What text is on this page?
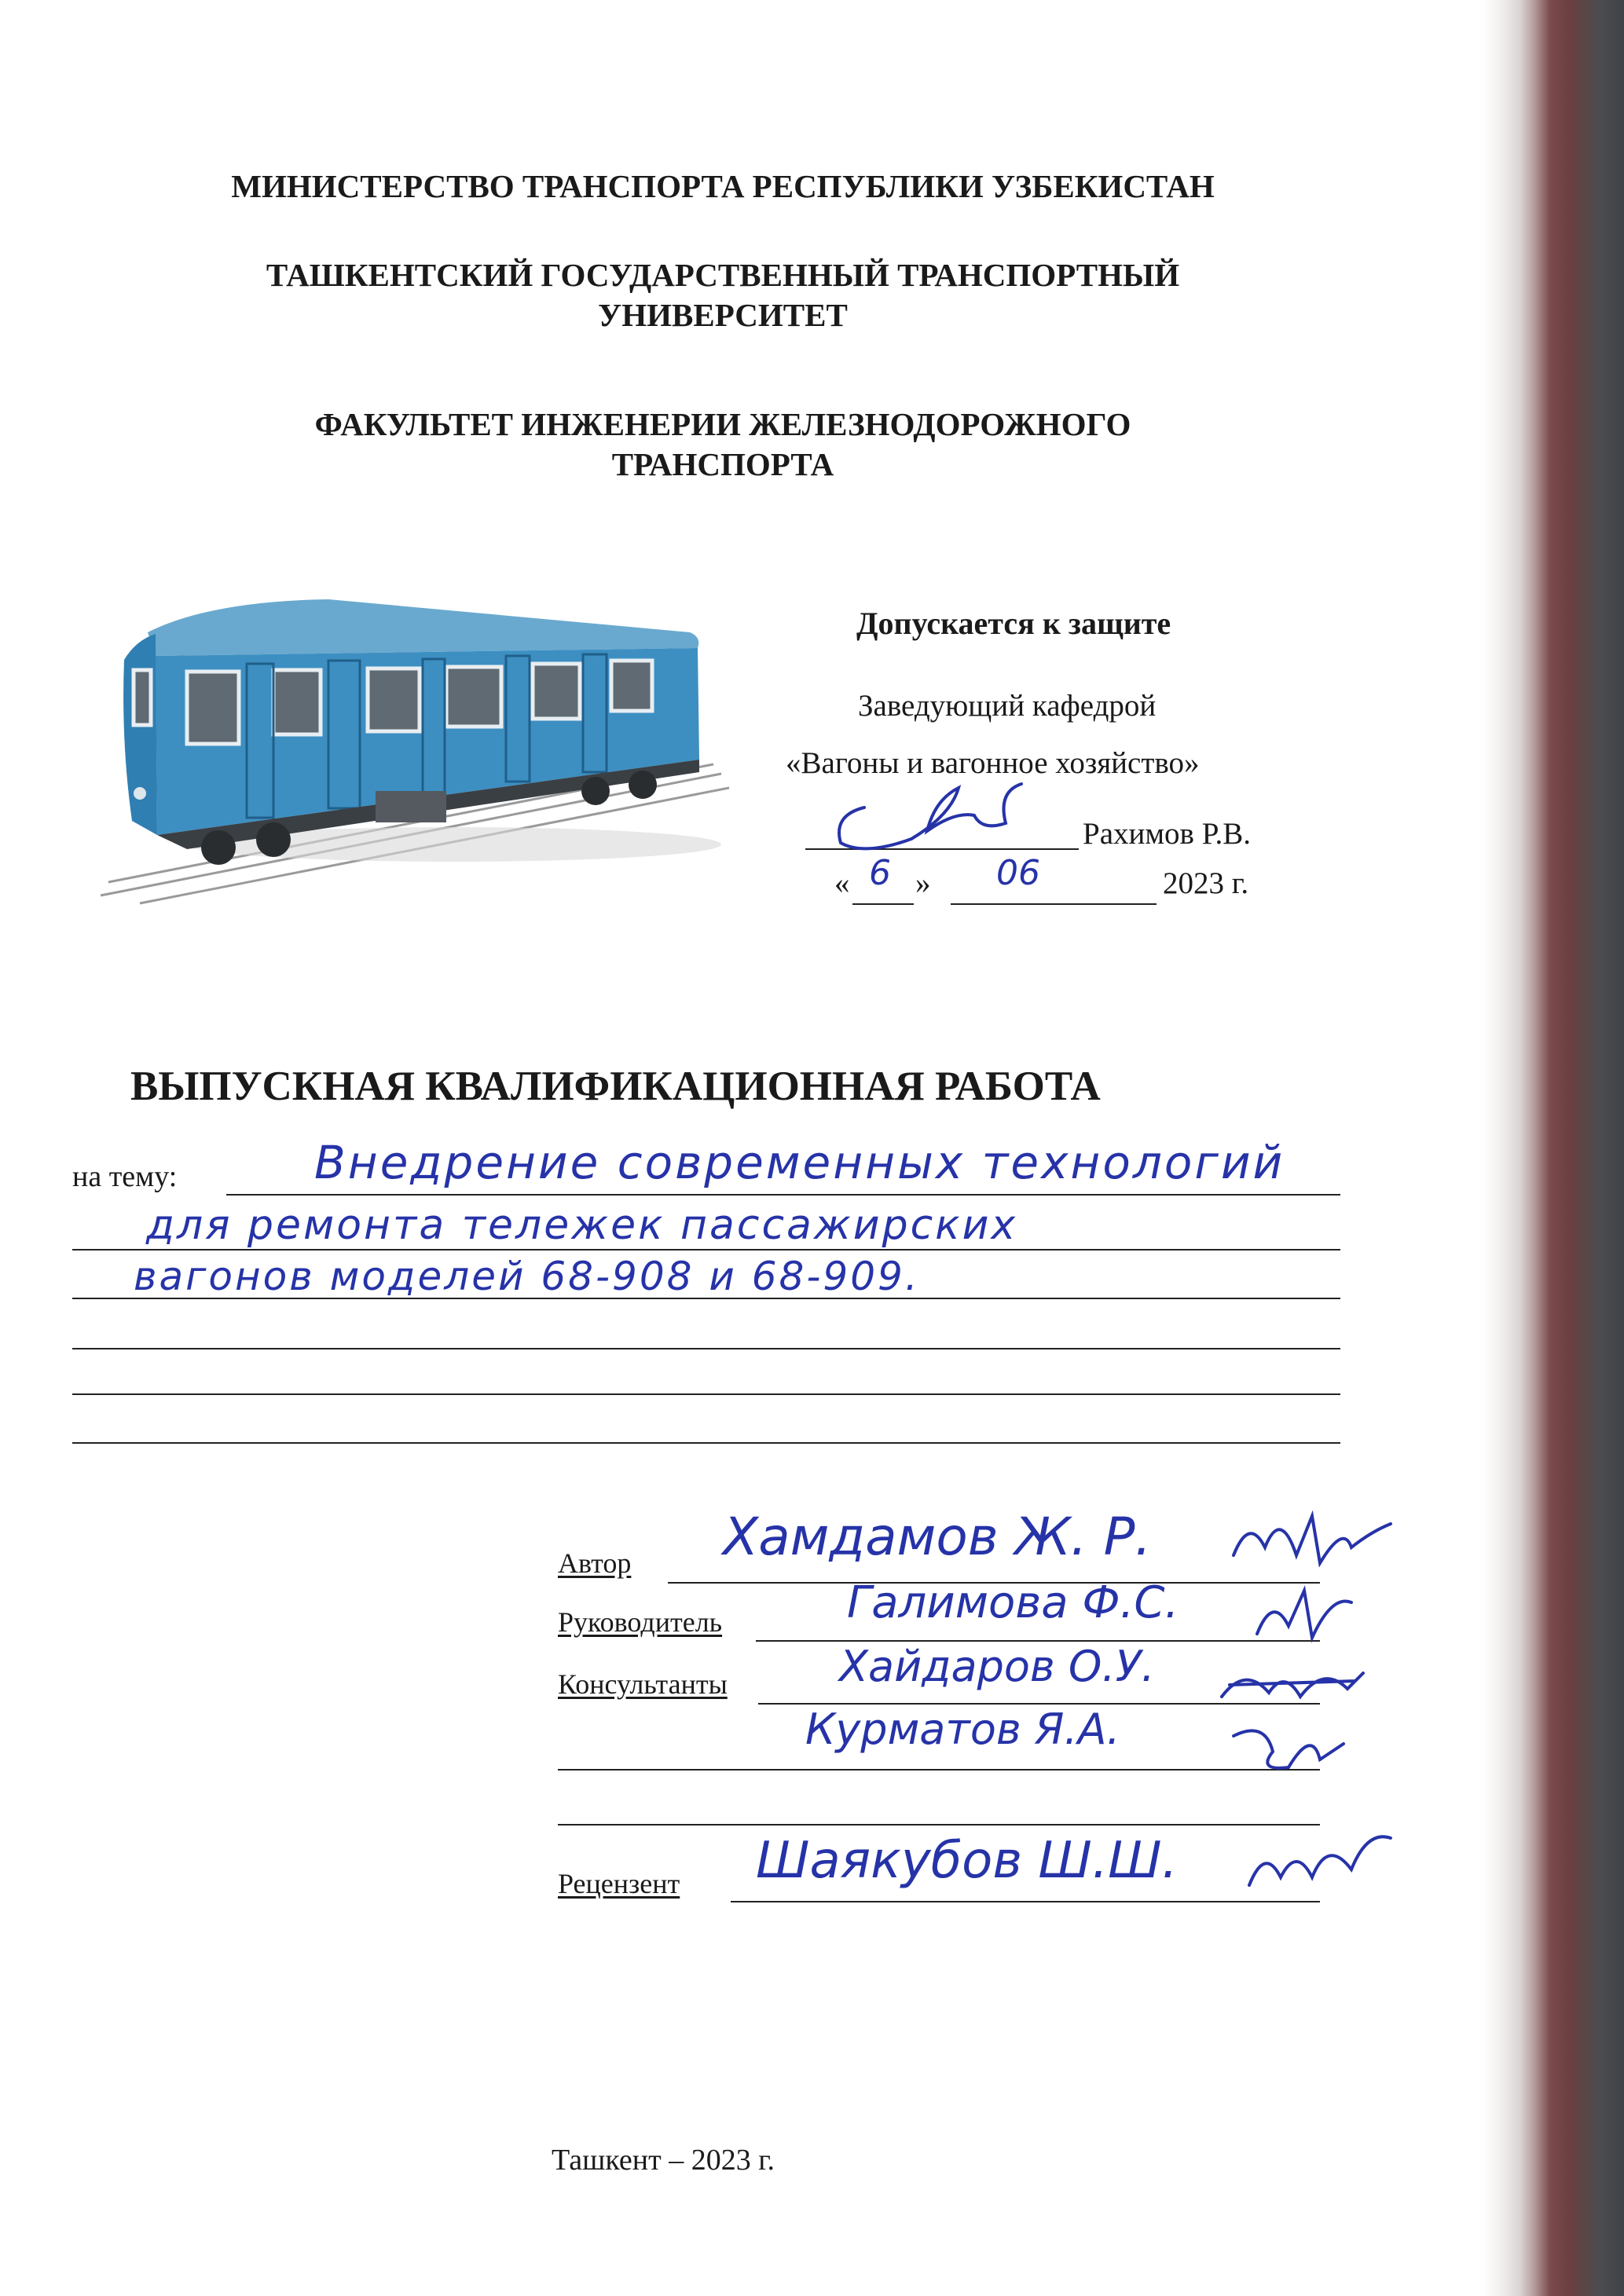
МИНИСТЕРСТВО ТРАНСПОРТА РЕСПУБЛИКИ УЗБЕКИСТАН
ТАШКЕНТСКИЙ ГОСУДАРСТВЕННЫЙ ТРАНСПОРТНЫЙ
УНИВЕРСИТЕТ
ФАКУЛЬТЕТ ИНЖЕНЕРИИ ЖЕЛЕЗНОДОРОЖНОГО
ТРАНСПОРТА
Допускается к защите
Заведующий кафедрой
«Вагоны и вагонное хозяйство»
Рахимов Р.В.
« 6 » 06	2023 г.
ВЫПУСКНАЯ КВАЛИФИКАЦИОННАЯ РАБОТА
на тему:	Внедрение современных технологий
для ремонта тележек пассажирских
вагонов моделей 68-908 и 68-909.
Автор Хамдамов Ж. Р.
Руководитель	Галимова Ф.С.
Консультанты	Хайдаров О.У.
Курматов Я.А.
Рецензент Шаякубов Ш.Ш.
Ташкент – 2023 г.
